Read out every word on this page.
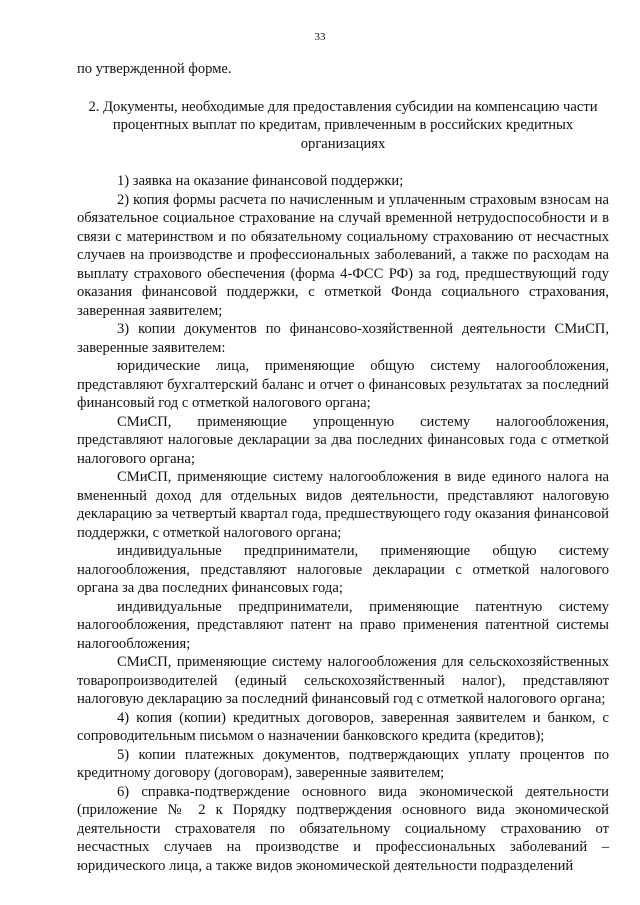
33

по утвержденной форме.

2. Документы, необходимые для предоставления субсидии на компенсацию части процентных выплат по кредитам, привлеченным в российских кредитных организациях

1) заявка на оказание финансовой поддержки;

2) копия формы расчета по начисленным и уплаченным страховым взносам на обязательное социальное страхование на случай временной нетрудоспособности и в связи с материнством и по обязательному социальному страхованию от несчастных случаев на производстве и профессиональных заболеваний, а также по расходам на выплату страхового обеспечения (форма 4-ФСС РФ) за год, предшествующий году оказания финансовой поддержки, с отметкой Фонда социального страхования, заверенная заявителем;

3) копии документов по финансово-хозяйственной деятельности СМиСП, заверенные заявителем:

юридические лица, применяющие общую систему налогообложения, представляют бухгалтерский баланс и отчет о финансовых результатах за последний финансовый год с отметкой налогового органа;

СМиСП, применяющие упрощенную систему налогообложения, представляют налоговые декларации за два последних финансовых года с отметкой налогового органа;

СМиСП, применяющие систему налогообложения в виде единого налога на вмененный доход для отдельных видов деятельности, представляют налоговую декларацию за четвертый квартал года, предшествующего году оказания финансовой поддержки, с отметкой налогового органа;

индивидуальные предприниматели, применяющие общую систему налогообложения, представляют налоговые декларации с отметкой налогового органа за два последних финансовых года;

индивидуальные предприниматели, применяющие патентную систему налогообложения, представляют патент на право применения патентной системы налогообложения;

СМиСП, применяющие систему налогообложения для сельскохозяйственных товаропроизводителей (единый сельскохозяйственный налог), представляют налоговую декларацию за последний финансовый год с отметкой налогового органа;

4) копия (копии) кредитных договоров, заверенная заявителем и банком, с сопроводительным письмом о назначении банковского кредита (кредитов);

5) копии платежных документов, подтверждающих уплату процентов по кредитному договору (договорам), заверенные заявителем;

6) справка-подтверждение основного вида экономической деятельности (приложение № 2 к Порядку подтверждения основного вида экономической деятельности страхователя по обязательному социальному страхованию от несчастных случаев на производстве и профессиональных заболеваний – юридического лица, а также видов экономической деятельности подразделений
